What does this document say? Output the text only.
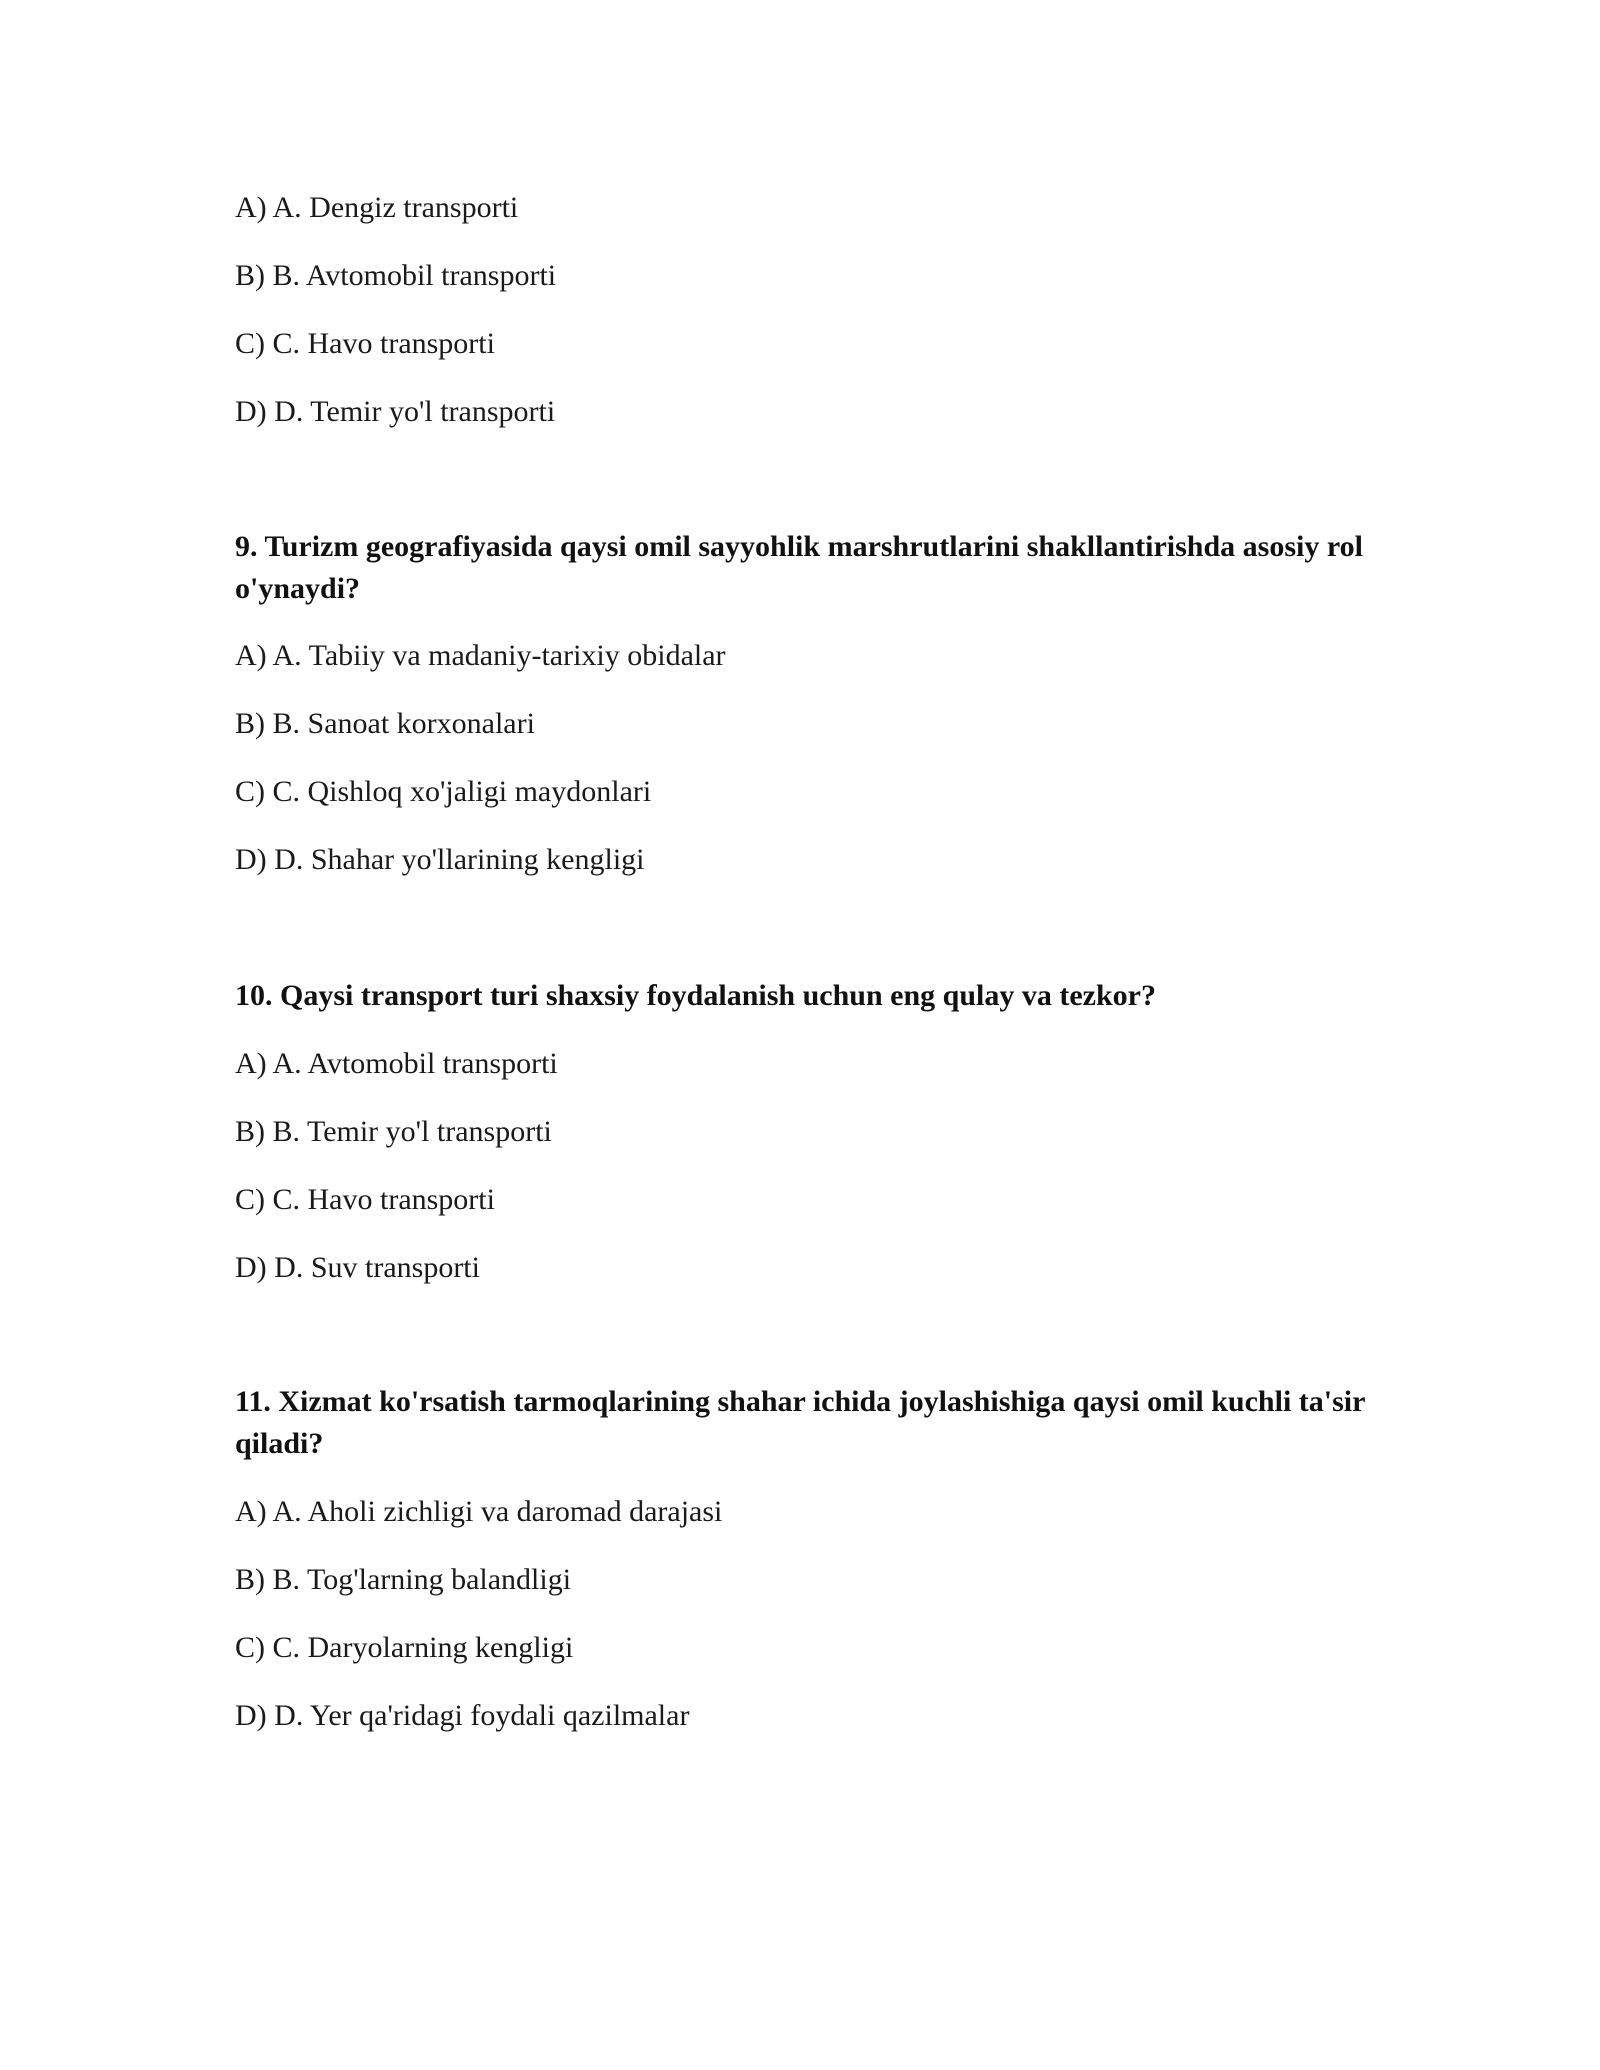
A) A. Dengiz transporti
B) B. Avtomobil transporti
C) C. Havo transporti
D) D. Temir yo'l transporti
9. Turizm geografiyasida qaysi omil sayyohlik marshrutlarini shakllantirishda asosiy rol o'ynaydi?
A) A. Tabiiy va madaniy-tarixiy obidalar
B) B. Sanoat korxonalari
C) C. Qishloq xo'jaligi maydonlari
D) D. Shahar yo'llarining kengligi
10. Qaysi transport turi shaxsiy foydalanish uchun eng qulay va tezkor?
A) A. Avtomobil transporti
B) B. Temir yo'l transporti
C) C. Havo transporti
D) D. Suv transporti
11. Xizmat ko'rsatish tarmoqlarining shahar ichida joylashishiga qaysi omil kuchli ta'sir qiladi?
A) A. Aholi zichligi va daromad darajasi
B) B. Tog'larning balandligi
C) C. Daryolarning kengligi
D) D. Yer qa'ridagi foydali qazilmalar
